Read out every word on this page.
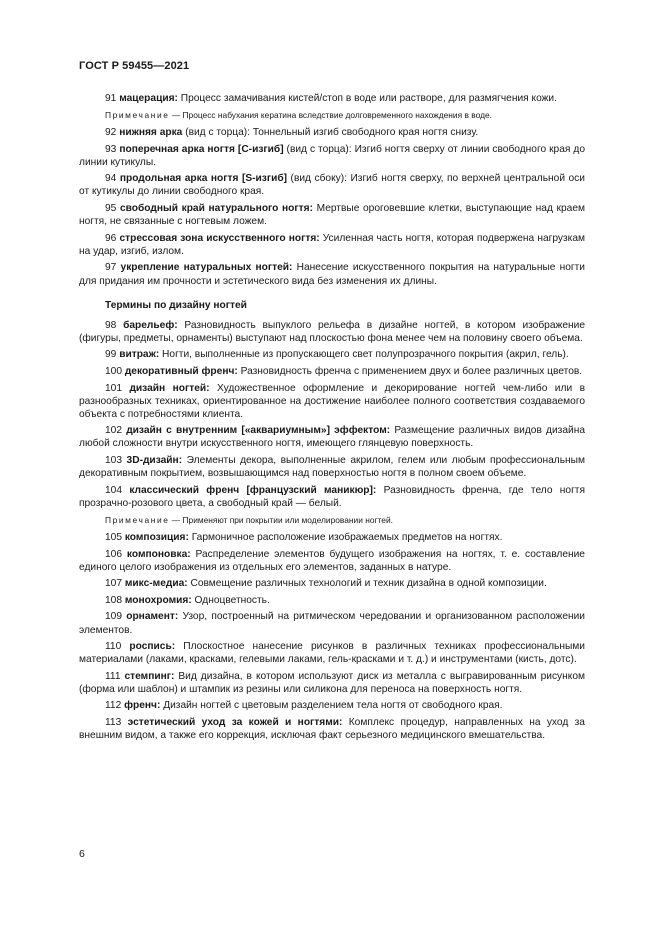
ГОСТ Р 59455—2021

91 мацерация: Процесс замачивания кистей/стоп в воде или растворе, для размягчения кожи.

Примечание — Процесс набухания кератина вследствие долговременного нахождения в воде.

92 нижняя арка (вид с торца): Тоннельный изгиб свободного края ногтя снизу.

93 поперечная арка ногтя [С-изгиб] (вид с торца): Изгиб ногтя сверху от линии свободного края до линии кутикулы.

94 продольная арка ногтя [S-изгиб] (вид сбоку): Изгиб ногтя сверху, по верхней центральной оси от кутикулы до линии свободного края.

95 свободный край натурального ногтя: Мертвые ороговевшие клетки, выступающие над краем ногтя, не связанные с ногтевым ложем.

96 стрессовая зона искусственного ногтя: Усиленная часть ногтя, которая подвержена нагрузкам на удар, изгиб, излом.

97 укрепление натуральных ногтей: Нанесение искусственного покрытия на натуральные ногти для придания им прочности и эстетического вида без изменения их длины.

Термины по дизайну ногтей

98 барельеф: Разновидность выпуклого рельефа в дизайне ногтей, в котором изображение (фигуры, предметы, орнаменты) выступают над плоскостью фона менее чем на половину своего объема.

99 витраж: Ногти, выполненные из пропускающего свет полупрозрачного покрытия (акрил, гель).

100 декоративный френч: Разновидность френча с применением двух и более различных цветов.

101 дизайн ногтей: Художественное оформление и декорирование ногтей чем-либо или в разнообразных техниках, ориентированное на достижение наиболее полного соответствия создаваемого объекта с потребностями клиента.

102 дизайн с внутренним [«аквариумным»] эффектом: Размещение различных видов дизайна любой сложности внутри искусственного ногтя, имеющего глянцевую поверхность.

103 3D-дизайн: Элементы декора, выполненные акрилом, гелем или любым профессиональным декоративным покрытием, возвышающимся над поверхностью ногтя в полном своем объеме.

104 классический френч [французский маникюр]: Разновидность френча, где тело ногтя прозрачно-розового цвета, а свободный край — белый.

Примечание — Применяют при покрытии или моделировании ногтей.

105 композиция: Гармоничное расположение изображаемых предметов на ногтях.

106 компоновка: Распределение элементов будущего изображения на ногтях, т. е. составление единого целого изображения из отдельных его элементов, заданных в натуре.

107 микс-медиа: Совмещение различных технологий и техник дизайна в одной композиции.

108 монохромия: Одноцветность.

109 орнамент: Узор, построенный на ритмическом чередовании и организованном расположении элементов.

110 роспись: Плоскостное нанесение рисунков в различных техниках профессиональными материалами (лаками, красками, гелевыми лаками, гель-красками и т. д.) и инструментами (кисть, дотс).

111 стемпинг: Вид дизайна, в котором используют диск из металла с выгравированным рисунком (форма или шаблон) и штампик из резины или силикона для переноса на поверхность ногтя.

112 френч: Дизайн ногтей с цветовым разделением тела ногтя от свободного края.

113 эстетический уход за кожей и ногтями: Комплекс процедур, направленных на уход за внешним видом, а также его коррекция, исключая факт серьезного медицинского вмешательства.

6
